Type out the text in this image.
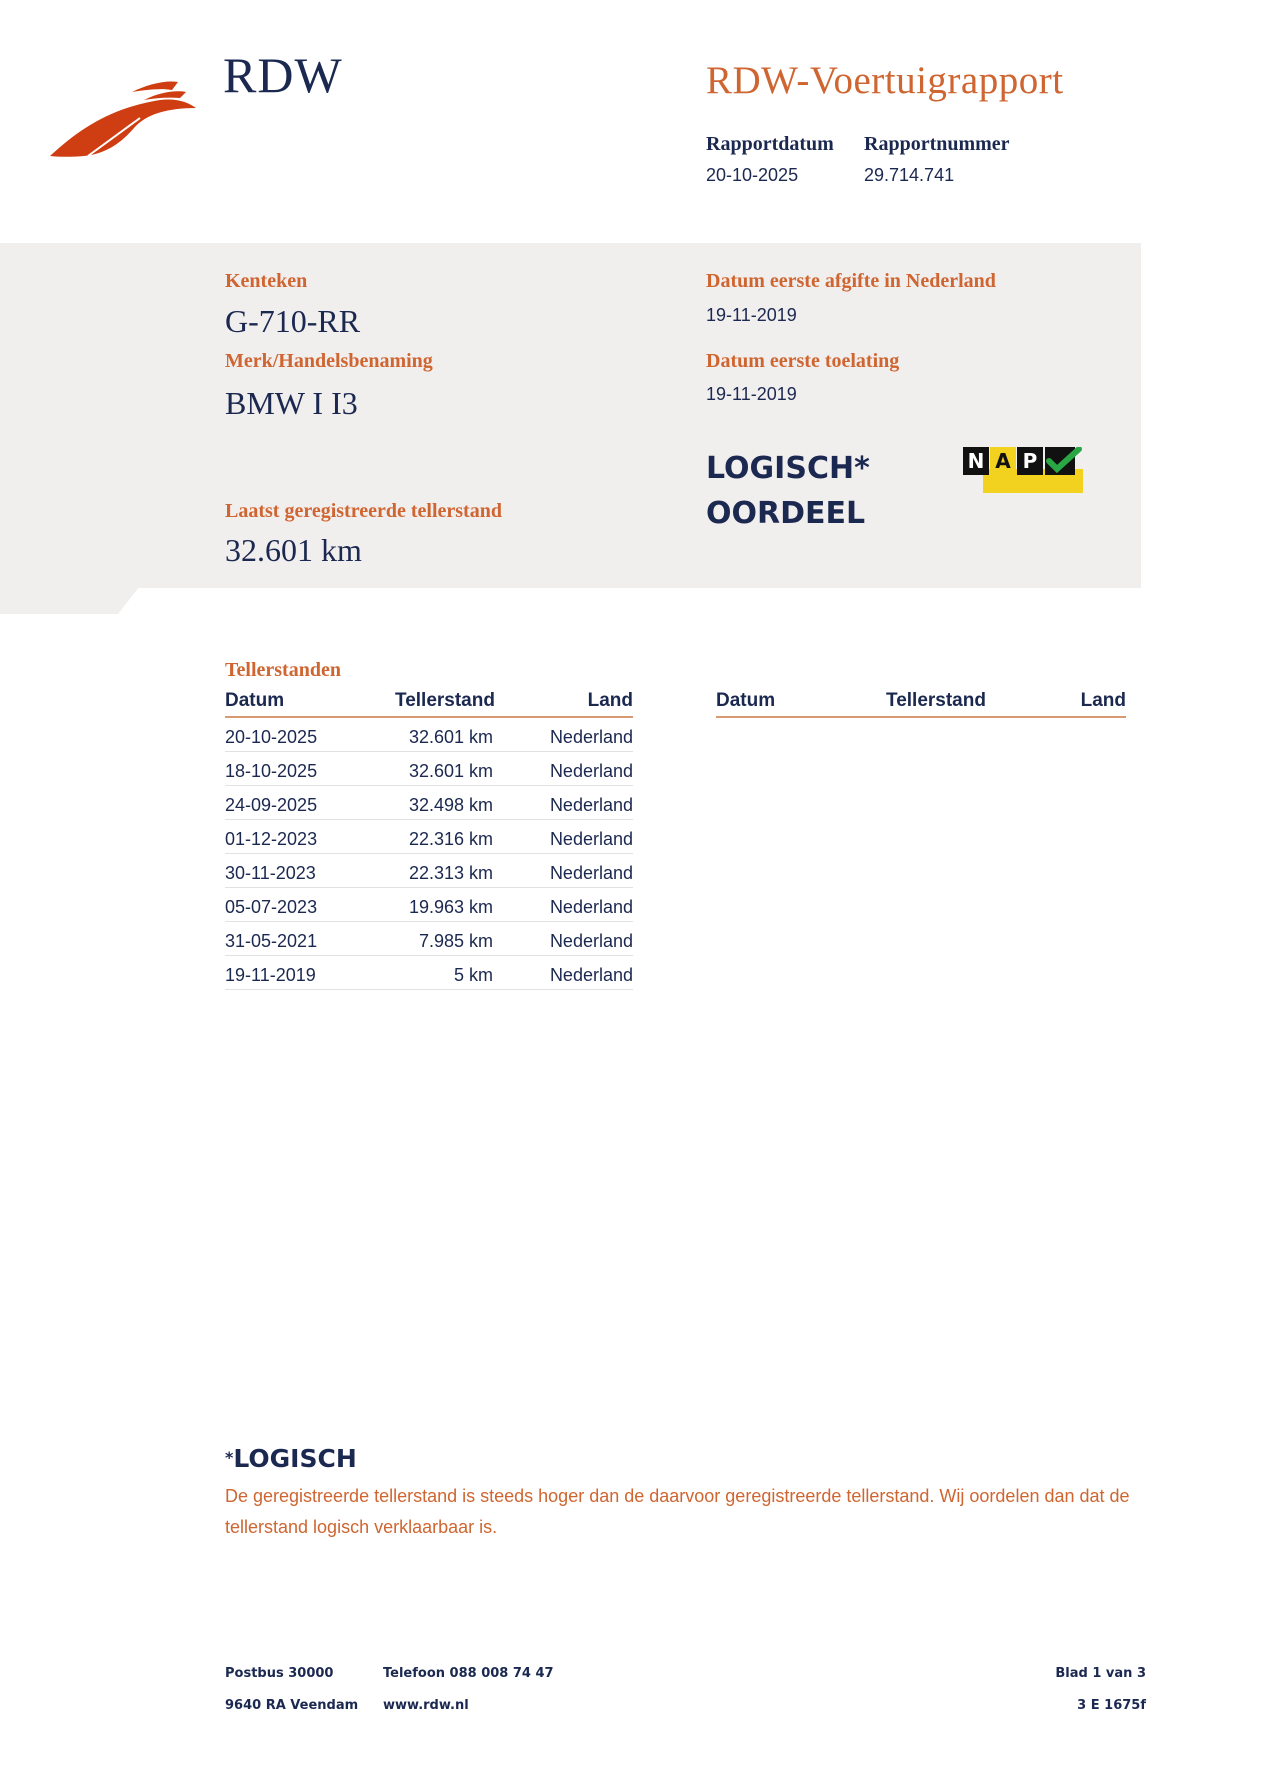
RDW	RDW-Voertuigrapport
Rapportdatum
20-10-2025
Rapportnummer
29.714.741
Kenteken
G-710-RR
Merk/Handelsbenaming
BMW I I3
Laatst geregistreerde tellerstand
32.601 km
Datum eerste afgifte in Nederland
19-11-2019
Datum eerste toelating
19-11-2019
LOGISCH*
OORDEEL
N A P
Tellerstanden
Datum	Tellerstand	Land
20-10-2025	32.601 km	Nederland
18-10-2025	32.601 km	Nederland
24-09-2025	32.498 km	Nederland
01-12-2023	22.316 km	Nederland
30-11-2023	22.313 km	Nederland
05-07-2023	19.963 km	Nederland
31-05-2021	7.985 km	Nederland
19-11-2019	5 km	Nederland
Datum	Tellerstand	Land
*LOGISCH
De geregistreerde tellerstand is steeds hoger dan de daarvoor geregistreerde tellerstand. Wij oordelen dan dat de tellerstand logisch verklaarbaar is.
Postbus 30000
9640 RA Veendam
Telefoon 088 008 74 47
www.rdw.nl
Blad 1 van 3
3 E 1675f
